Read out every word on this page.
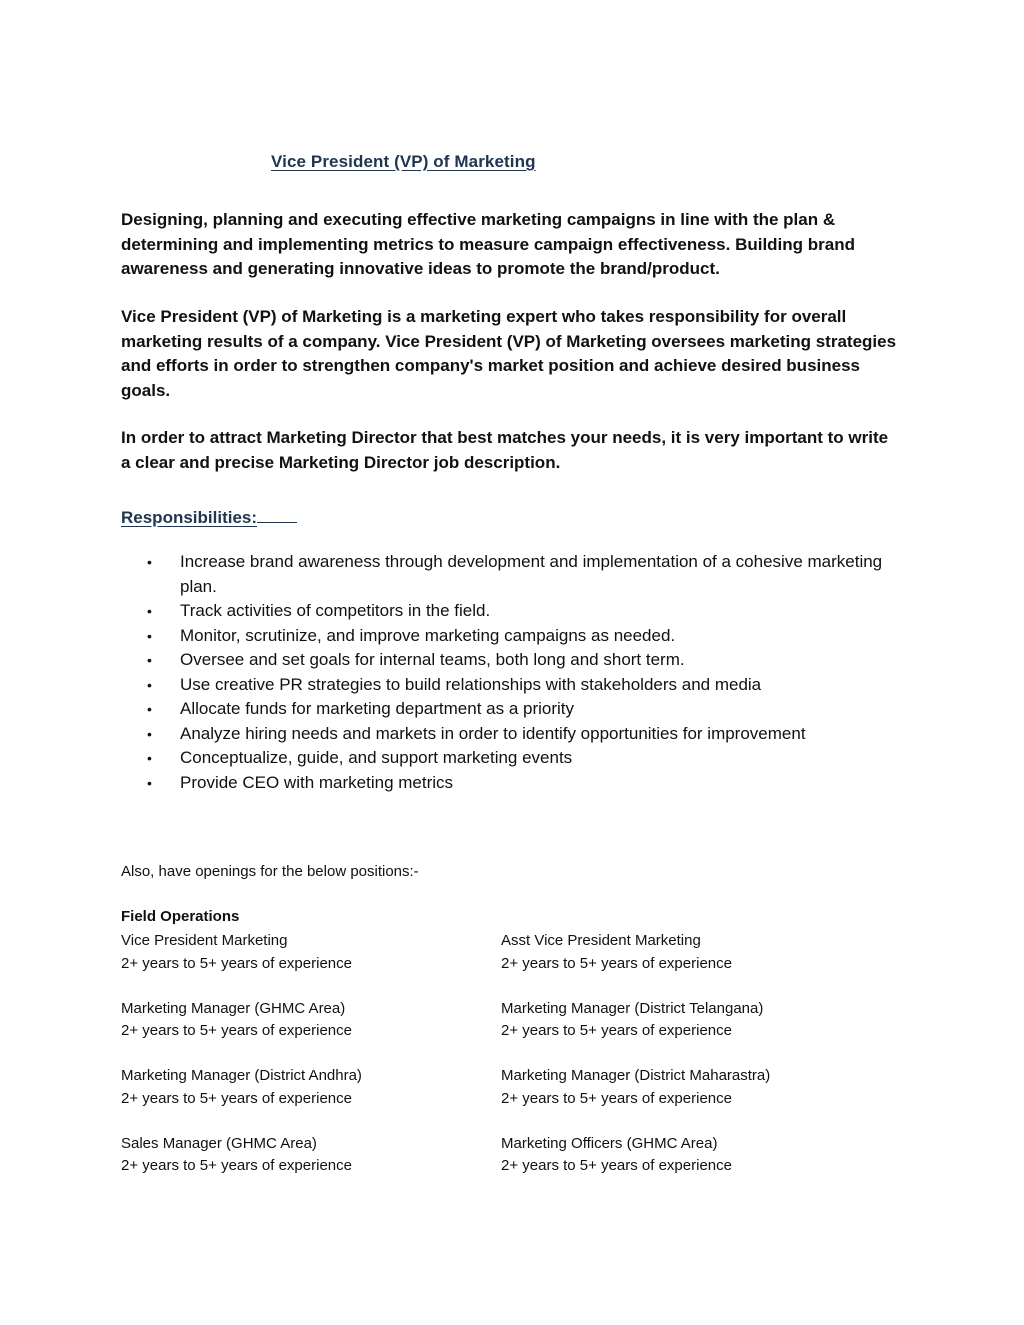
Vice President (VP) of Marketing

Designing, planning and executing effective marketing campaigns in line with the plan & determining and implementing metrics to measure campaign effectiveness. Building brand awareness and generating innovative ideas to promote the brand/product.

Vice President (VP) of Marketing is a marketing expert who takes responsibility for overall marketing results of a company. Vice President (VP) of Marketing oversees marketing strategies and efforts in order to strengthen company's market position and achieve desired business goals.

In order to attract Marketing Director that best matches your needs, it is very important to write a clear and precise Marketing Director job description.

Responsibilities:
• Increase brand awareness through development and implementation of a cohesive marketing plan.
• Track activities of competitors in the field.
• Monitor, scrutinize, and improve marketing campaigns as needed.
• Oversee and set goals for internal teams, both long and short term.
• Use creative PR strategies to build relationships with stakeholders and media
• Allocate funds for marketing department as a priority
• Analyze hiring needs and markets in order to identify opportunities for improvement
• Conceptualize, guide, and support marketing events
• Provide CEO with marketing metrics

Also, have openings for the below positions:-

Field Operations

Vice President Marketing
2+ years to 5+ years of experience
Asst Vice President Marketing
2+ years to 5+ years of experience
Marketing Manager (GHMC Area)
2+ years to 5+ years of experience
Marketing Manager (District Telangana)
2+ years to 5+ years of experience
Marketing Manager (District Andhra)
2+ years to 5+ years of experience
Marketing Manager (District Maharastra)
2+ years to 5+ years of experience
Sales Manager (GHMC Area)
2+ years to 5+ years of experience
Marketing Officers (GHMC Area)
2+ years to 5+ years of experience
